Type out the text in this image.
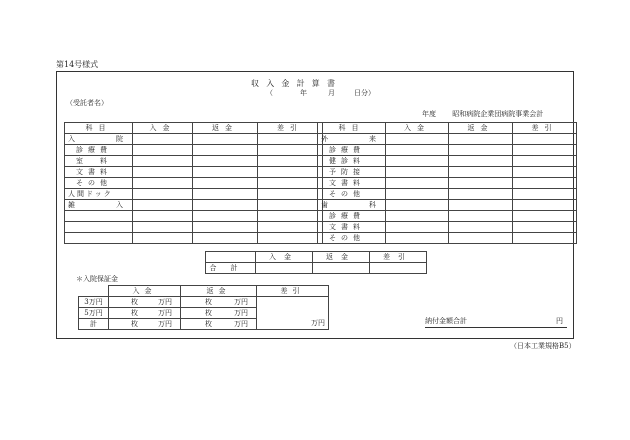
第14号様式
収入金計算書
（	年	月	日分）
（受託者名）
年度 昭和病院企業団病院事業会計
科目	入金	返金	差引
入　　院			
診療費			
室　料			
文書料			
その他			
人間ドック			
雑　　入			

科目	入金	返金	差引
外　　来			
診療費			
健診料			
予防接			
文書料			
その他			
歯　　科			
診療費			
文書料			
その他			
	入金	返金	差引
合計			
＊入院保証金
	入金	返金	差引
3万円	枚 万円	枚 万円	
5万円	枚 万円	枚 万円	
計	枚 万円	枚 万円	万円	納付金額合計	円
（日本工業規格B5）
